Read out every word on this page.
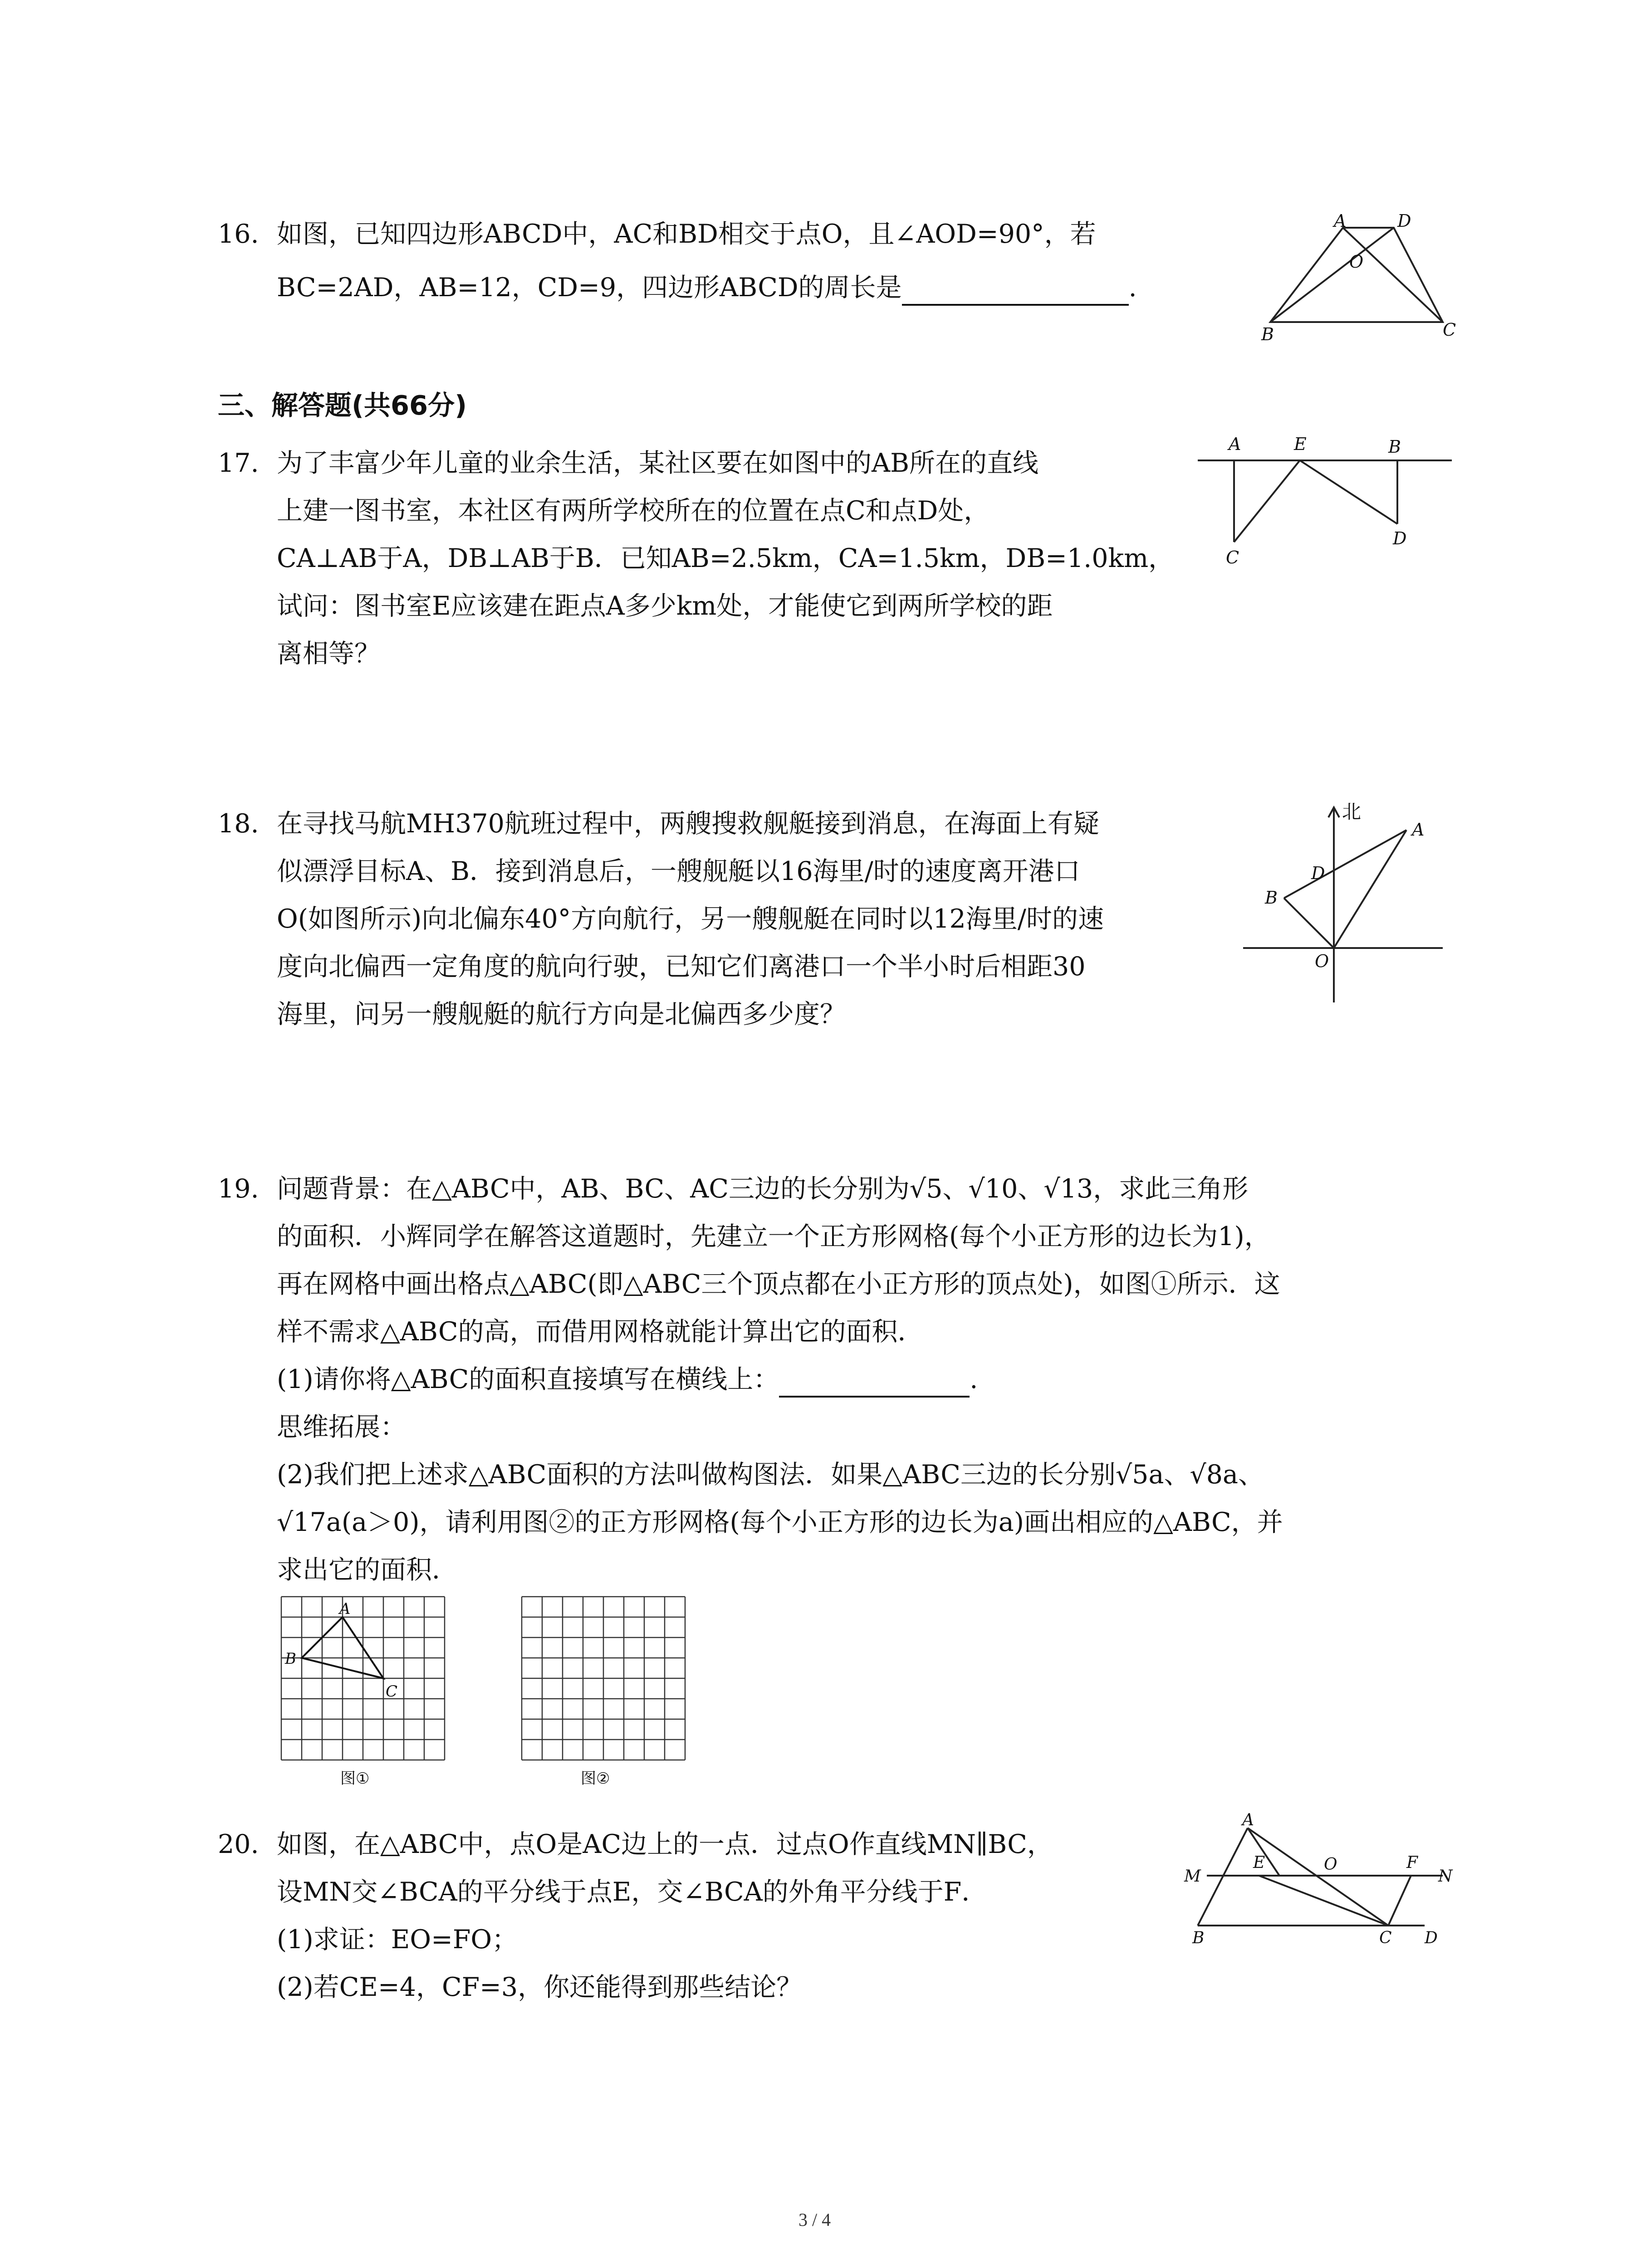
16. 如图，已知四边形ABCD中，AC和BD相交于点O，且∠AOD=90°，若

BC=2AD，AB=12，CD=9，四边形ABCD的周长是	.

A	D
O
B	C

三、解答题(共66分)

17. 为了丰富少年儿童的业余生活，某社区要在如图中的AB所在的直线

上建一图书室，本社区有两所学校所在的位置在点C和点D处，

CA⊥AB于A，DB⊥AB于B．已知AB=2.5km，CA=1.5km，DB=1.0km，

试问：图书室E应该建在距点A多少km处，才能使它到两所学校的距

离相等？

A	E	B
C
D

18. 在寻找马航MH370航班过程中，两艘搜救舰艇接到消息，在海面上有疑

似漂浮目标A、B．接到消息后，一艘舰艇以16海里/时的速度离开港口

O(如图所示)向北偏东40°方向航行，另一艘舰艇在同时以12海里/时的速

度向北偏西一定角度的航向行驶，已知它们离港口一个半小时后相距30

海里，问另一艘舰艇的航行方向是北偏西多少度？

北
A
D
B
O

19. 问题背景：在△ABC中，AB、BC、AC三边的长分别为√5、√10、√13，求此三角形

的面积．小辉同学在解答这道题时，先建立一个正方形网格(每个小正方形的边长为1)，

再在网格中画出格点△ABC(即△ABC三个顶点都在小正方形的顶点处)，如图①所示．这

样不需求△ABC的高，而借用网格就能计算出它的面积．

(1)请你将△ABC的面积直接填写在横线上：	.

思维拓展：

(2)我们把上述求△ABC面积的方法叫做构图法．如果△ABC三边的长分别√5a、√8a、

√17a(a＞0)，请利用图②的正方形网格(每个小正方形的边长为a)画出相应的△ABC，并

求出它的面积．

A
B
C
图①	图②

20. 如图，在△ABC中，点O是AC边上的一点．过点O作直线MN∥BC，

设MN交∠BCA的平分线于点E，交∠BCA的外角平分线于F．

(1)求证：EO=FO；

(2)若CE=4，CF=3，你还能得到那些结论？

A
M
E	O	F
N
B	C D

3 / 4
